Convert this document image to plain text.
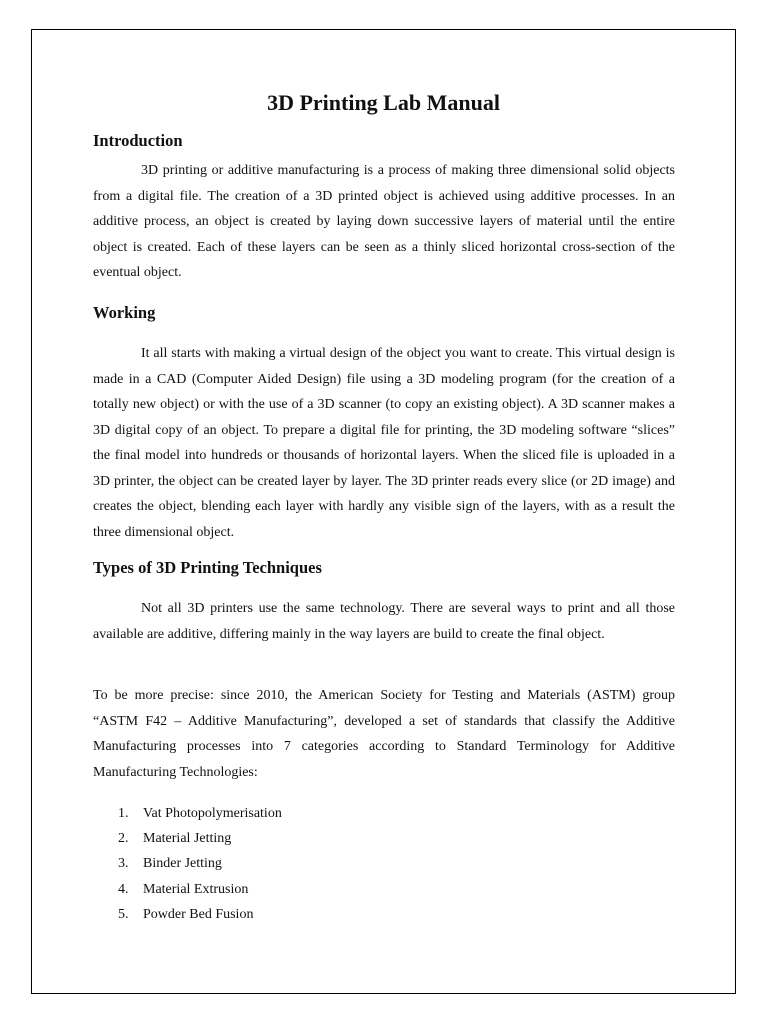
3D Printing Lab Manual
Introduction

3D printing or additive manufacturing is a process of making three dimensional solid objects from a digital file. The creation of a 3D printed object is achieved using additive processes. In an additive process, an object is created by laying down successive layers of material until the entire object is created. Each of these layers can be seen as a thinly sliced horizontal cross-section of the eventual object.

Working

It all starts with making a virtual design of the object you want to create. This virtual design is made in a CAD (Computer Aided Design) file using a 3D modeling program (for the creation of a totally new object) or with the use of a 3D scanner (to copy an existing object). A 3D scanner makes a 3D digital copy of an object. To prepare a digital file for printing, the 3D modeling software “slices” the final model into hundreds or thousands of horizontal layers. When the sliced file is uploaded in a 3D printer, the object can be created layer by layer. The 3D printer reads every slice (or 2D image) and creates the object, blending each layer with hardly any visible sign of the layers, with as a result the three dimensional object.

Types of 3D Printing Techniques

Not all 3D printers use the same technology. There are several ways to print and all those available are additive, differing mainly in the way layers are build to create the final object.

To be more precise: since 2010, the American Society for Testing and Materials (ASTM) group “ASTM F42 – Additive Manufacturing”, developed a set of standards that classify the Additive Manufacturing processes into 7 categories according to Standard Terminology for Additive Manufacturing Technologies:

1.	Vat Photopolymerisation
2.	Material Jetting
3.	Binder Jetting
4.	Material Extrusion
5.	Powder Bed Fusion
